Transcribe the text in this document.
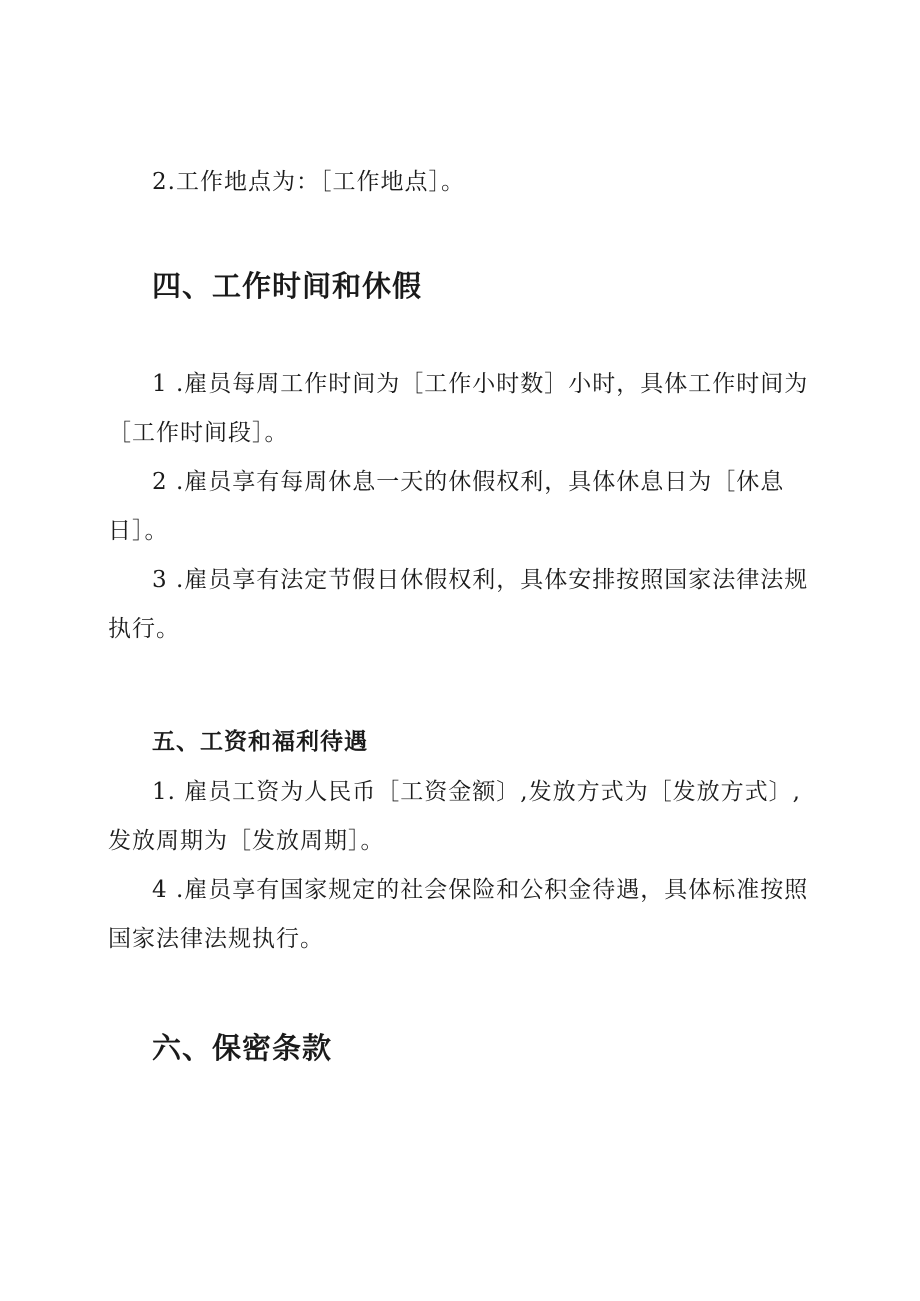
2.工作地点为：［工作地点］。

四、工作时间和休假

1 .雇员每周工作时间为［工作小时数］小时，具体工作时间为［工作时间段］。

2 .雇员享有每周休息一天的休假权利，具体休息日为［休息日］。

3 .雇员享有法定节假日休假权利，具体安排按照国家法律法规执行。

五、工资和福利待遇

1. 雇员工资为人民币［工资金额〕,发放方式为［发放方式〕,发放周期为［发放周期］。

4 .雇员享有国家规定的社会保险和公积金待遇，具体标准按照国家法律法规执行。

六、保密条款
